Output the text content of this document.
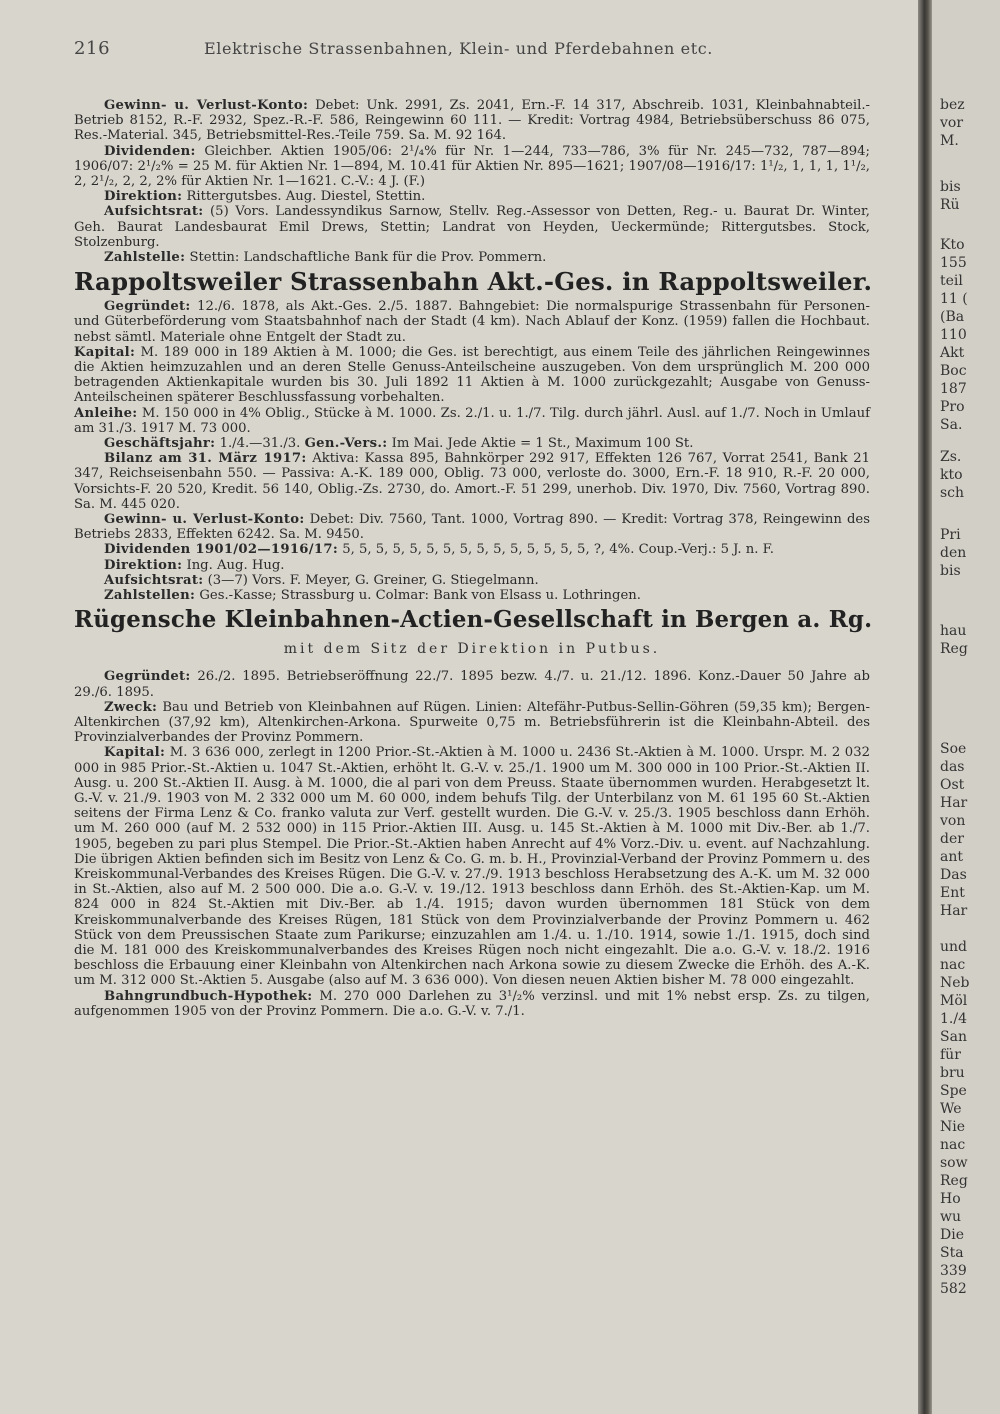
216	Elektrische Strassenbahnen, Klein- und Pferdebahnen etc.

Gewinn- u. Verlust-Konto: Debet: Unk. 2991, Zs. 2041, Ern.-F. 14 317, Abschreib. 1031, Kleinbahnabteil.-Betrieb 8152, R.-F. 2932, Spez.-R.-F. 586, Reingewinn 60 111. — Kredit: Vortrag 4984, Betriebsüberschuss 86 075, Res.-Material. 345, Betriebsmittel-Res.-Teile 759. Sa. M. 92 164.

Dividenden: Gleichber. Aktien 1905/06: 2¹/₄% für Nr. 1—244, 733—786, 3% für Nr. 245—732, 787—894; 1906/07: 2¹/₂% = 25 M. für Aktien Nr. 1—894, M. 10.41 für Aktien Nr. 895—1621; 1907/08—1916/17: 1¹/₂, 1, 1, 1, 1¹/₂, 2, 2¹/₂, 2, 2, 2% für Aktien Nr. 1—1621. C.-V.: 4 J. (F.)

Direktion: Rittergutsbes. Aug. Diestel, Stettin.

Aufsichtsrat: (5) Vors. Landessyndikus Sarnow, Stellv. Reg.-Assessor von Detten, Reg.- u. Baurat Dr. Winter, Geh. Baurat Landesbaurat Emil Drews, Stettin; Landrat von Heyden, Ueckermünde; Rittergutsbes. Stock, Stolzenburg.

Zahlstelle: Stettin: Landschaftliche Bank für die Prov. Pommern.

Rappoltsweiler Strassenbahn Akt.-Ges. in Rappoltsweiler.

Gegründet: 12./6. 1878, als Akt.-Ges. 2./5. 1887. Bahngebiet: Die normalspurige Strassenbahn für Personen- und Güterbeförderung vom Staatsbahnhof nach der Stadt (4 km). Nach Ablauf der Konz. (1959) fallen die Hochbaut. nebst sämtl. Materiale ohne Entgelt der Stadt zu.

Kapital: M. 189 000 in 189 Aktien à M. 1000; die Ges. ist berechtigt, aus einem Teile des jährlichen Reingewinnes die Aktien heimzuzahlen und an deren Stelle Genuss-Anteilscheine auszugeben. Von dem ursprünglich M. 200 000 betragenden Aktienkapitale wurden bis 30. Juli 1892 11 Aktien à M. 1000 zurückgezahlt; Ausgabe von Genuss-Anteilscheinen späterer Beschlussfassung vorbehalten.

Anleihe: M. 150 000 in 4% Oblig., Stücke à M. 1000. Zs. 2./1. u. 1./7. Tilg. durch jährl. Ausl. auf 1./7. Noch in Umlauf am 31./3. 1917 M. 73 000.

Geschäftsjahr: 1./4.—31./3. Gen.-Vers.: Im Mai. Jede Aktie = 1 St., Maximum 100 St.

Bilanz am 31. März 1917: Aktiva: Kassa 895, Bahnkörper 292 917, Effekten 126 767, Vorrat 2541, Bank 21 347, Reichseisenbahn 550. — Passiva: A.-K. 189 000, Oblig. 73 000, verloste do. 3000, Ern.-F. 18 910, R.-F. 20 000, Vorsichts-F. 20 520, Kredit. 56 140, Oblig.-Zs. 2730, do. Amort.-F. 51 299, unerhob. Div. 1970, Div. 7560, Vortrag 890. Sa. M. 445 020.

Gewinn- u. Verlust-Konto: Debet: Div. 7560, Tant. 1000, Vortrag 890. — Kredit: Vortrag 378, Reingewinn des Betriebs 2833, Effekten 6242. Sa. M. 9450.

Dividenden 1901/02—1916/17: 5, 5, 5, 5, 5, 5, 5, 5, 5, 5, 5, 5, 5, 5, 5, ?, 4%. Coup.-Verj.: 5 J. n. F.

Direktion: Ing. Aug. Hug.

Aufsichtsrat: (3—7) Vors. F. Meyer, G. Greiner, G. Stiegelmann.

Zahlstellen: Ges.-Kasse; Strassburg u. Colmar: Bank von Elsass u. Lothringen.

Rügensche Kleinbahnen-Actien-Gesellschaft in Bergen a. Rg.
mit dem Sitz der Direktion in Putbus.

Gegründet: 26./2. 1895. Betriebseröffnung 22./7. 1895 bezw. 4./7. u. 21./12. 1896. Konz.-Dauer 50 Jahre ab 29./6. 1895.

Zweck: Bau und Betrieb von Kleinbahnen auf Rügen. Linien: Altefähr-Putbus-Sellin-Göhren (59,35 km); Bergen-Altenkirchen (37,92 km), Altenkirchen-Arkona. Spurweite 0,75 m. Betriebsführerin ist die Kleinbahn-Abteil. des Provinzialverbandes der Provinz Pommern.

Kapital: M. 3 636 000, zerlegt in 1200 Prior.-St.-Aktien à M. 1000 u. 2436 St.-Aktien à M. 1000. Urspr. M. 2 032 000 in 985 Prior.-St.-Aktien u. 1047 St.-Aktien, erhöht lt. G.-V. v. 25./1. 1900 um M. 300 000 in 100 Prior.-St.-Aktien II. Ausg. u. 200 St.-Aktien II. Ausg. à M. 1000, die al pari von dem Preuss. Staate übernommen wurden. Herabgesetzt lt. G.-V. v. 21./9. 1903 von M. 2 332 000 um M. 60 000, indem behufs Tilg. der Unterbilanz von M. 61 195 60 St.-Aktien seitens der Firma Lenz & Co. franko valuta zur Verf. gestellt wurden. Die G.-V. v. 25./3. 1905 beschloss dann Erhöh. um M. 260 000 (auf M. 2 532 000) in 115 Prior.-Aktien III. Ausg. u. 145 St.-Aktien à M. 1000 mit Div.-Ber. ab 1./7. 1905, begeben zu pari plus Stempel. Die Prior.-St.-Aktien haben Anrecht auf 4% Vorz.-Div. u. event. auf Nachzahlung. Die übrigen Aktien befinden sich im Besitz von Lenz & Co. G. m. b. H., Provinzial-Verband der Provinz Pommern u. des Kreiskommunal-Verbandes des Kreises Rügen. Die G.-V. v. 27./9. 1913 beschloss Herabsetzung des A.-K. um M. 32 000 in St.-Aktien, also auf M. 2 500 000. Die a.o. G.-V. v. 19./12. 1913 beschloss dann Erhöh. des St.-Aktien-Kap. um M. 824 000 in 824 St.-Aktien mit Div.-Ber. ab 1./4. 1915; davon wurden übernommen 181 Stück von dem Kreiskommunalverbande des Kreises Rügen, 181 Stück von dem Provinzialverbande der Provinz Pommern u. 462 Stück von dem Preussischen Staate zum Parikurse; einzuzahlen am 1./4. u. 1./10. 1914, sowie 1./1. 1915, doch sind die M. 181 000 des Kreiskommunalverbandes des Kreises Rügen noch nicht eingezahlt. Die a.o. G.-V. v. 18./2. 1916 beschloss die Erbauung einer Kleinbahn von Altenkirchen nach Arkona sowie zu diesem Zwecke die Erhöh. des A.-K. um M. 312 000 St.-Aktien 5. Ausgabe (also auf M. 3 636 000). Von diesen neuen Aktien bisher M. 78 000 eingezahlt.

Bahngrundbuch-Hypothek: M. 270 000 Darlehen zu 3¹/₂% verzinsl. und mit 1% nebst ersp. Zs. zu tilgen, aufgenommen 1905 von der Provinz Pommern. Die a.o. G.-V. v. 7./1.

bez
vor
M.
bis
Rü
Kto
155
teil
11 (
(Ba
110
Akt
Boc
187
Pro
Sa.
Zs.
kto
sch
Pri
den
bis
hau
Reg
Soe
das
Ost
Har
von
der
ant
Das
Ent
Har
und
nac
Neb
Möl
1./4
San
für
bru
Spe
We
Nie
nac
sow
Reg
Ho
wu
Die
Sta
339
582
